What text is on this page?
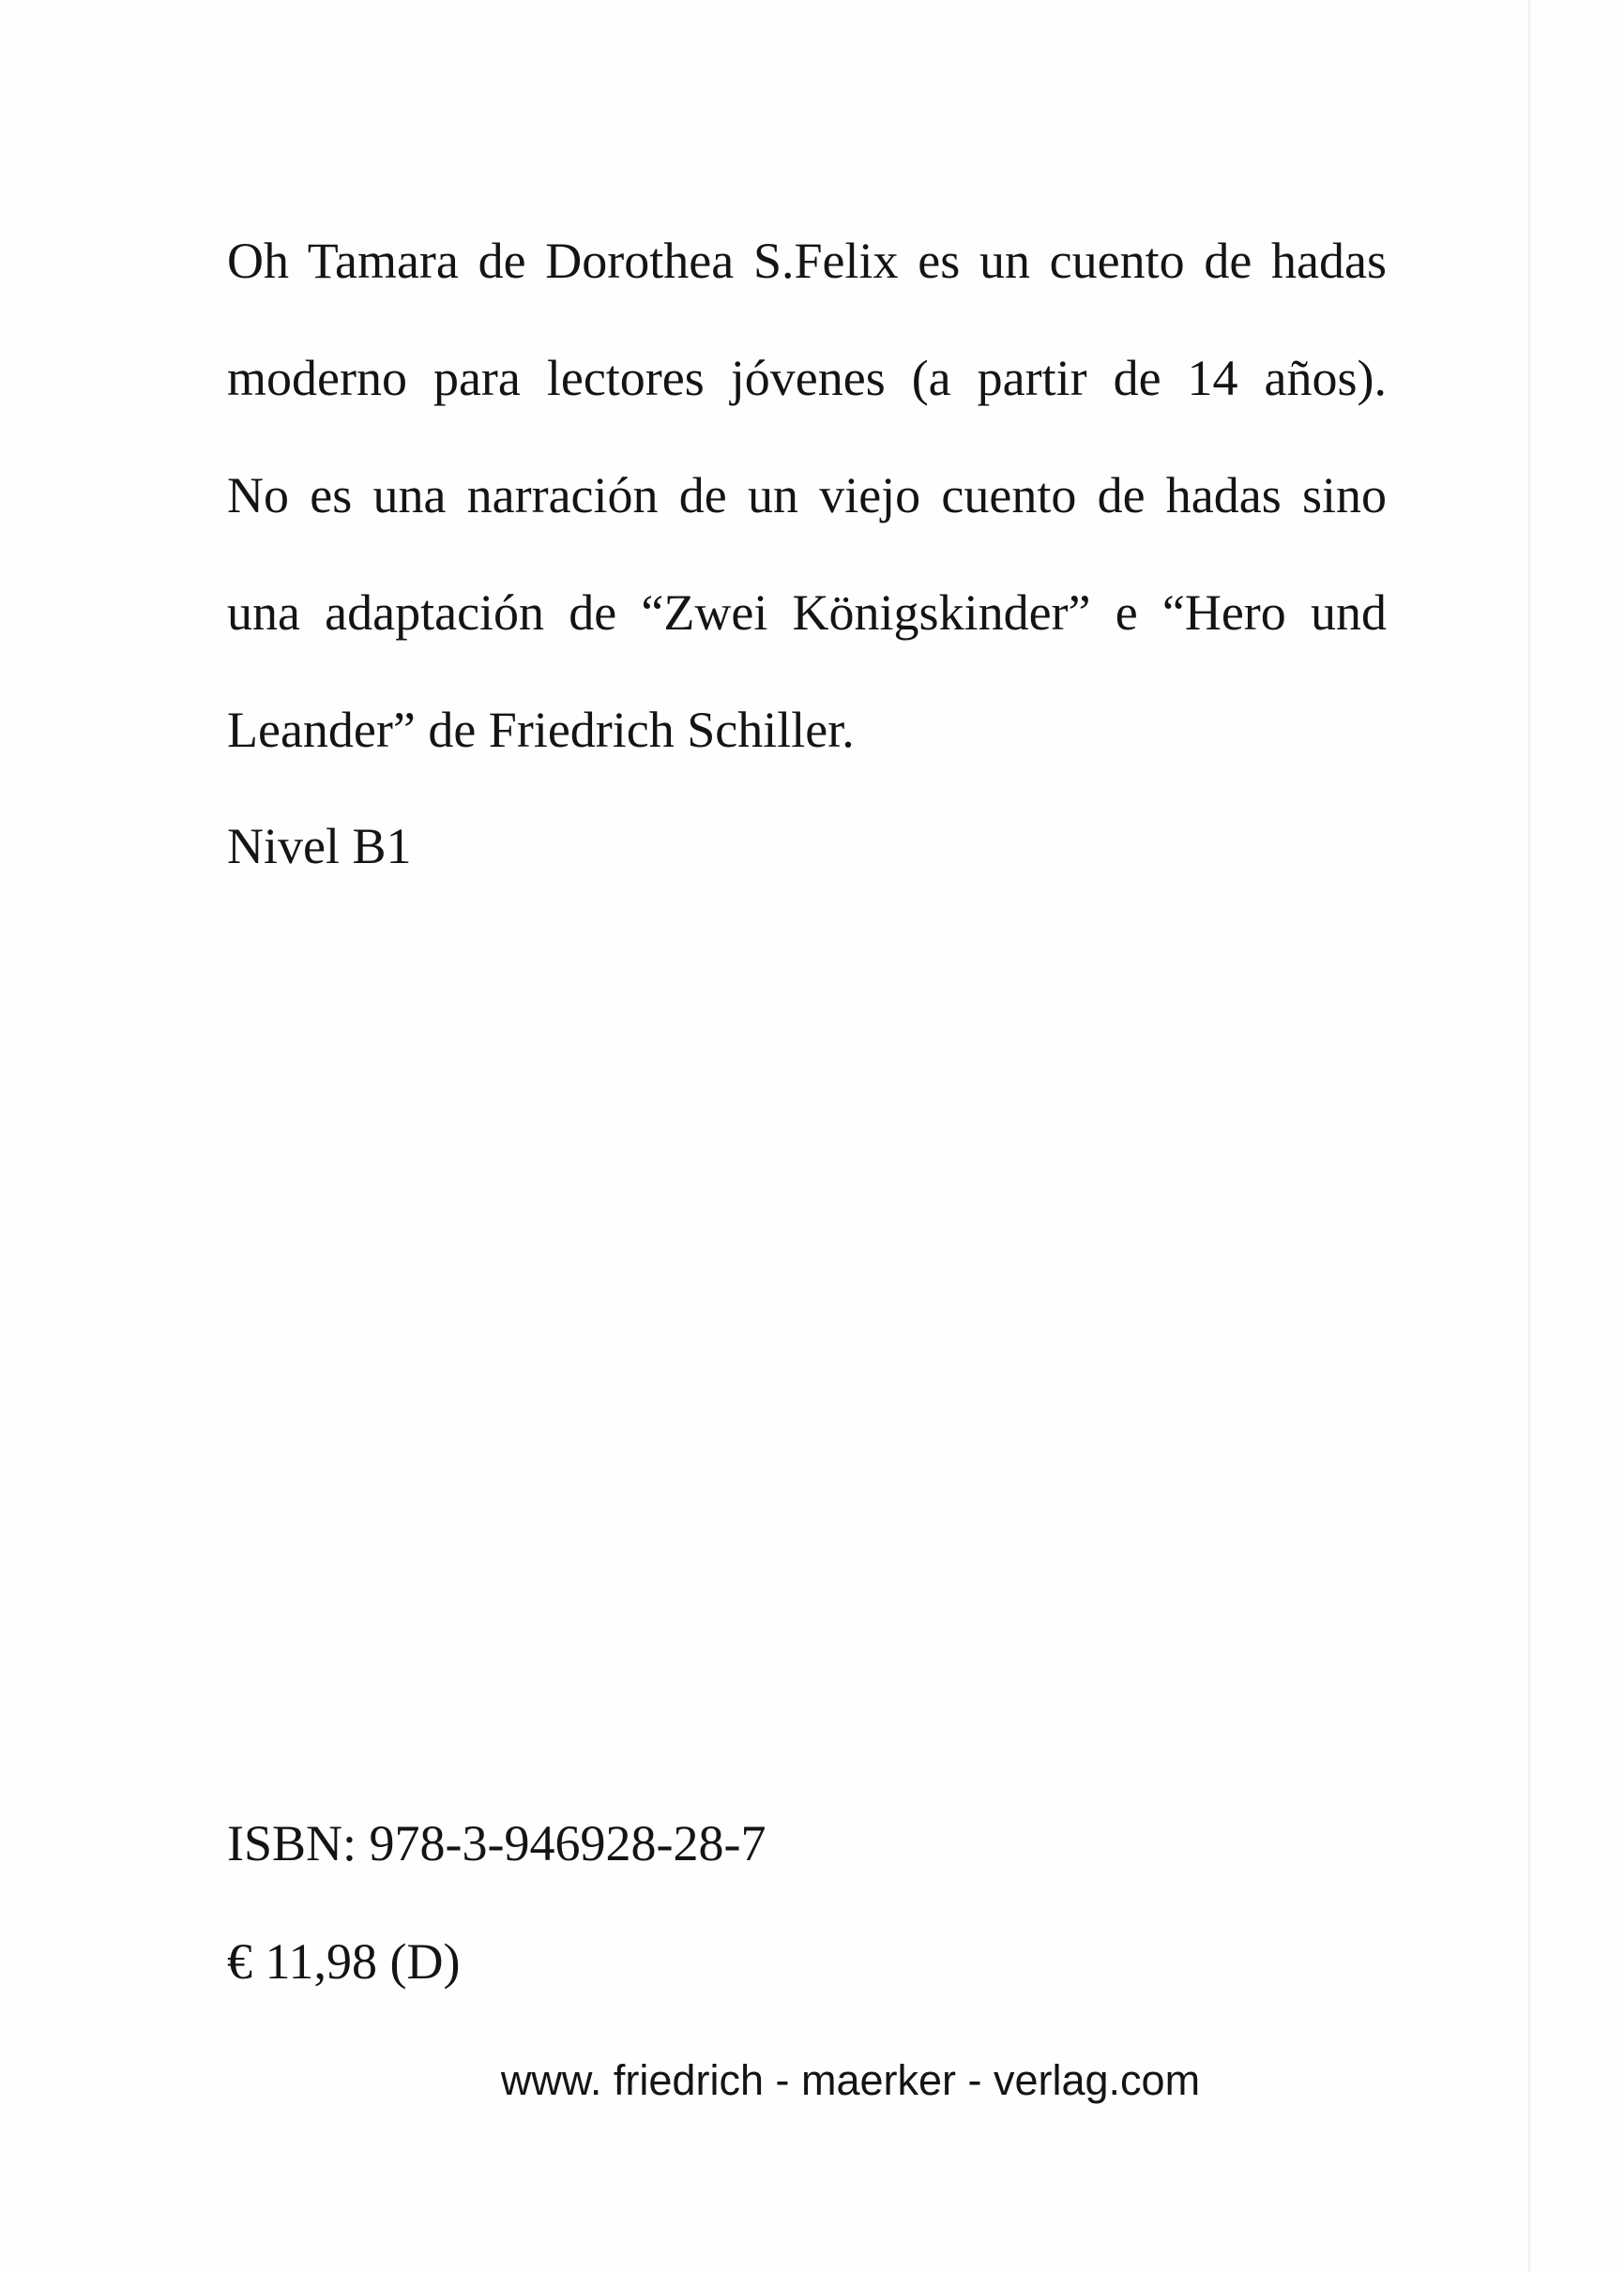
Oh Tamara de Dorothea S.Felix es un cuento de hadas
moderno para lectores jóvenes (a partir de 14 años).
No es una narración de un viejo cuento de hadas sino
una adaptación de “Zwei Königskinder” e “Hero und
Leander” de Friedrich Schiller.

Nivel B1

ISBN: 978-3-946928-28-7

€ 11,98 (D)

www. friedrich - maerker - verlag.com
